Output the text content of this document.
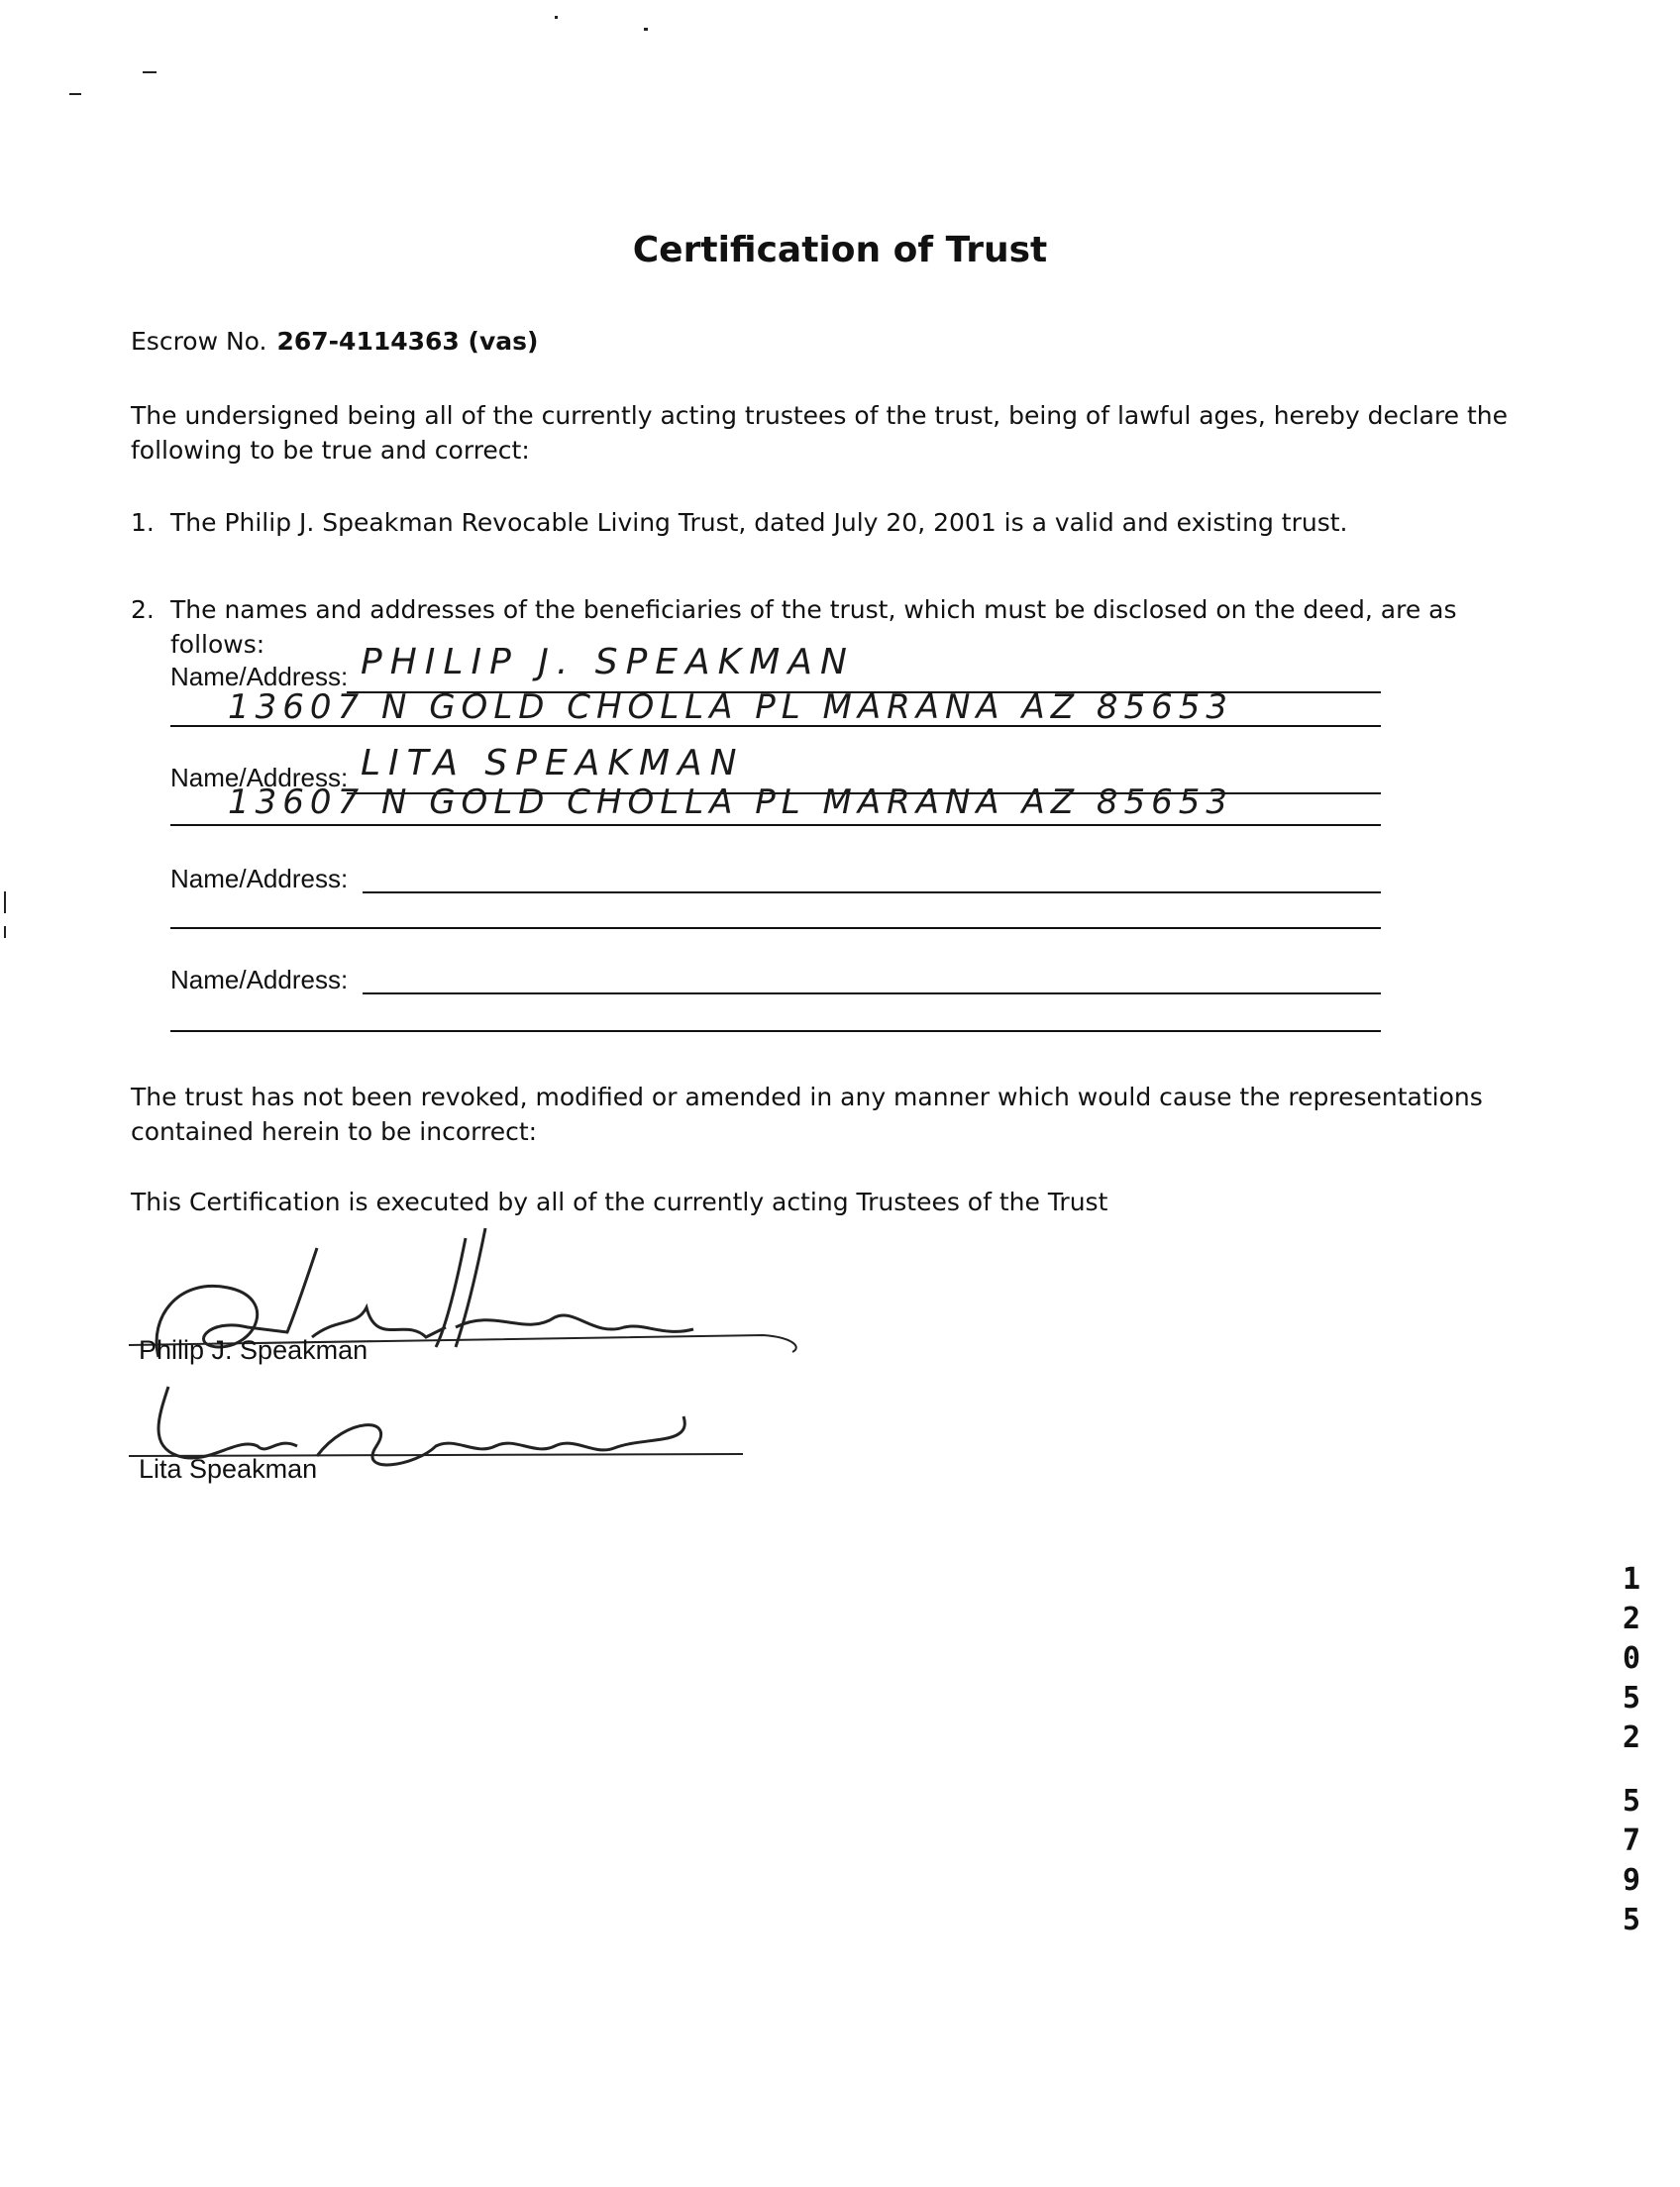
Certification of Trust
Escrow No. 267-4114363 (vas)
The undersigned being all of the currently acting trustees of the trust, being of lawful ages, hereby declare the following to be true and correct:
1. The Philip J. Speakman Revocable Living Trust, dated July 20, 2001 is a valid and existing trust.
2. The names and addresses of the beneficiaries of the trust, which must be disclosed on the deed, are as
follows:
Name/Address: PHILIP J. SPEAKMAN
13607 N GOLD CHOLLA PL MARANA AZ 85653
Name/Address: LITA SPEAKMAN
13607 N GOLD CHOLLA PL MARANA AZ 85653
Name/Address:
Name/Address:
The trust has not been revoked, modified or amended in any manner which would cause the representations contained herein to be incorrect:
This Certification is executed by all of the currently acting Trustees of the Trust
Philip J. Speakman
Lita Speakman
1
2
0
5
2
5
7
9
5
